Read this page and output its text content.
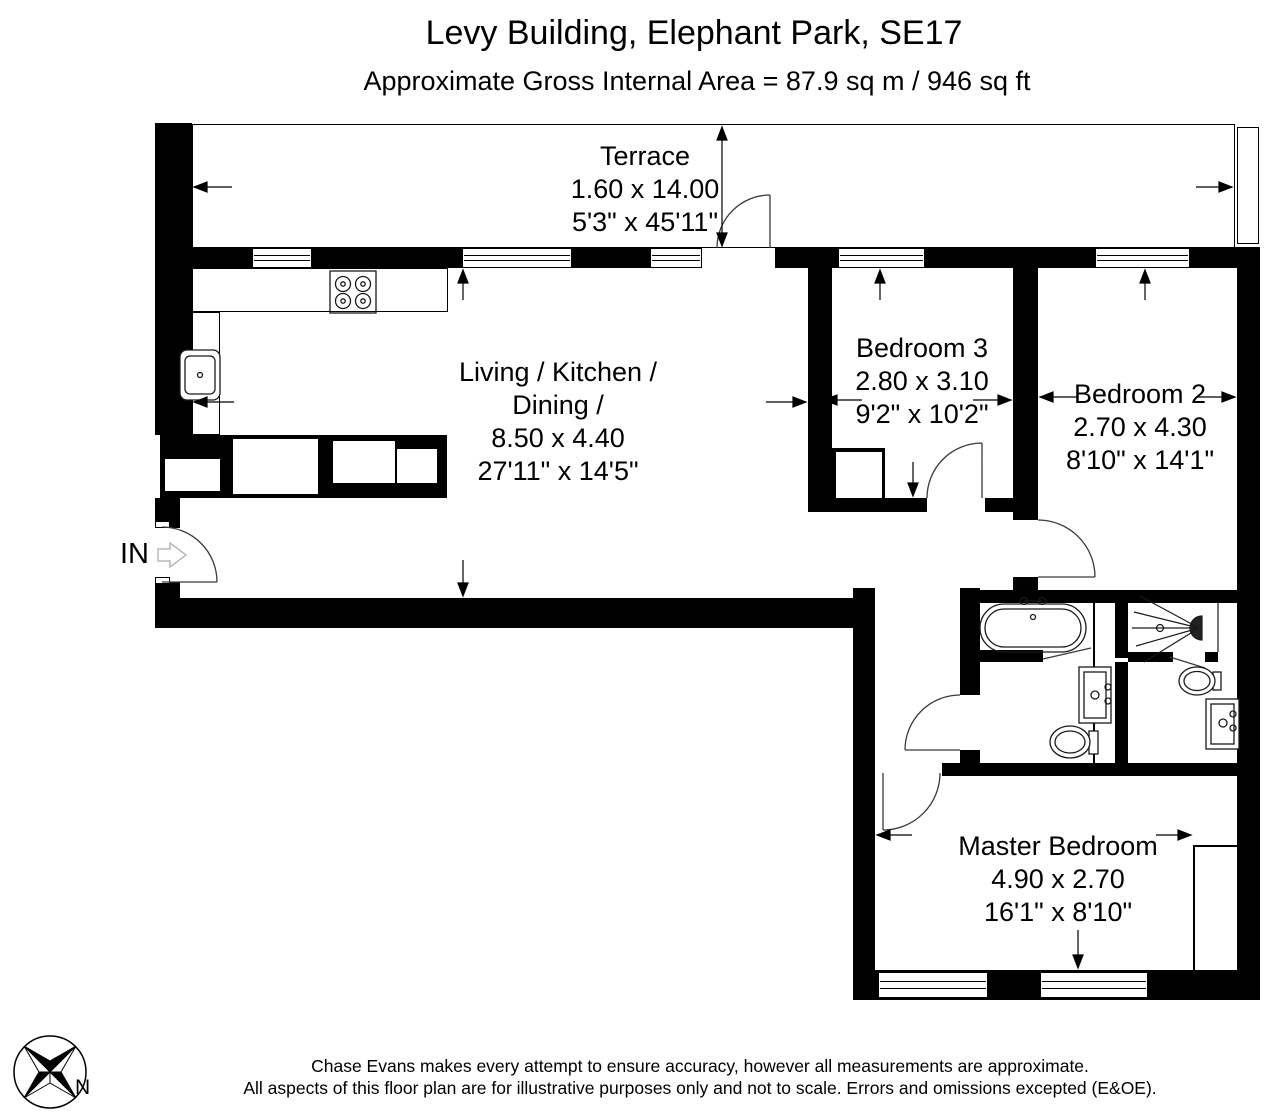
Levy Building, Elephant Park, SE17
Approximate Gross Internal Area = 87.9 sq m / 946 sq ft
Terrace
1.60 x 14.00
5'3" x 45'11"
Living / Kitchen /
Dining /
8.50 x 4.40
27'11" x 14'5"
Bedroom 3
2.80 x 3.10
9'2" x 10'2"
Bedroom 2
2.70 x 4.30
8'10" x 14'1"
Master Bedroom
4.90 x 2.70
16'1" x 8'10"
IN
N
Chase Evans makes every attempt to ensure accuracy, however all measurements are approximate.
All aspects of this floor plan are for illustrative purposes only and not to scale. Errors and omissions excepted (E&OE).
